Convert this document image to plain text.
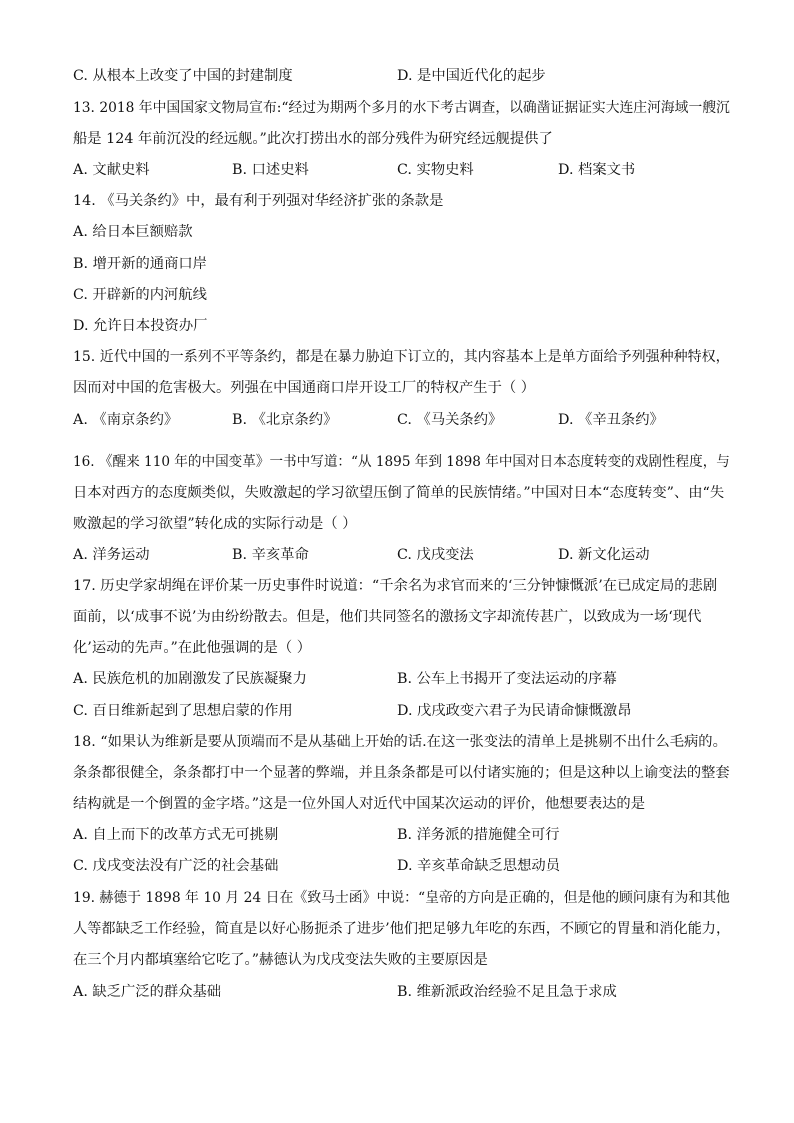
C. 从根本上改变了中国的封建制度	D. 是中国近代化的起步

13. 2018 年中国国家文物局宣布:“经过为期两个多月的水下考古调查，以确凿证据证实大连庄河海域一艘沉

船是 124 年前沉没的经远舰。”此次打捞出水的部分残件为研究经远舰提供了

A. 文献史料	B. 口述史料	C. 实物史料	D. 档案文书

14. 《马关条约》中，最有利于列强对华经济扩张的条款是

A. 给日本巨额赔款

B. 增开新的通商口岸

C. 开辟新的内河航线

D. 允许日本投资办厂

15. 近代中国的一系列不平等条约，都是在暴力胁迫下订立的，其内容基本上是单方面给予列强种种特权，

因而对中国的危害极大。列强在中国通商口岸开设工厂的特权产生于（ ）

A. 《南京条约》	B. 《北京条约》	C. 《马关条约》	D. 《辛丑条约》

16. 《醒来 110 年的中国变革》一书中写道：“从 1895 年到 1898 年中国对日本态度转变的戏剧性程度，与

日本对西方的态度颇类似，失败激起的学习欲望压倒了简单的民族情绪。”中国对日本“态度转变”、由“失

败激起的学习欲望”转化成的实际行动是（ ）

A. 洋务运动	B. 辛亥革命	C. 戊戌变法	D. 新文化运动

17. 历史学家胡绳在评价某一历史事件时说道：“千余名为求官而来的‘三分钟慷慨派’在已成定局的悲剧

面前，以‘成事不说’为由纷纷散去。但是，他们共同签名的激扬文字却流传甚广，以致成为一场‘现代

化’运动的先声。”在此他强调的是（ ）

A. 民族危机的加剧激发了民族凝聚力	B. 公车上书揭开了变法运动的序幕

C. 百日维新起到了思想启蒙的作用	D. 戊戌政变六君子为民请命慷慨激昂

18. “如果认为维新是要从顶端而不是从基础上开始的话.在这一张变法的清单上是挑剔不出什么毛病的。

条条都很健全，条条都打中一个显著的弊端，并且条条都是可以付诸实施的；但是这种以上谕变法的整套

结构就是一个倒置的金字塔。”这是一位外国人对近代中国某次运动的评价，他想要表达的是

A. 自上而下的改革方式无可挑剔	B. 洋务派的措施健全可行

C. 戊戌变法没有广泛的社会基础	D. 辛亥革命缺乏思想动员

19. 赫德于 1898 年 10 月 24 日在《致马士函》中说：“皇帝的方向是正确的，但是他的顾问康有为和其他

人等都缺乏工作经验，简直是以好心肠扼杀了进步’他们把足够九年吃的东西，不顾它的胃量和消化能力，

在三个月内都填塞给它吃了。”赫德认为戊戌变法失败的主要原因是

A. 缺乏广泛的群众基础	B. 维新派政治经验不足且急于求成
